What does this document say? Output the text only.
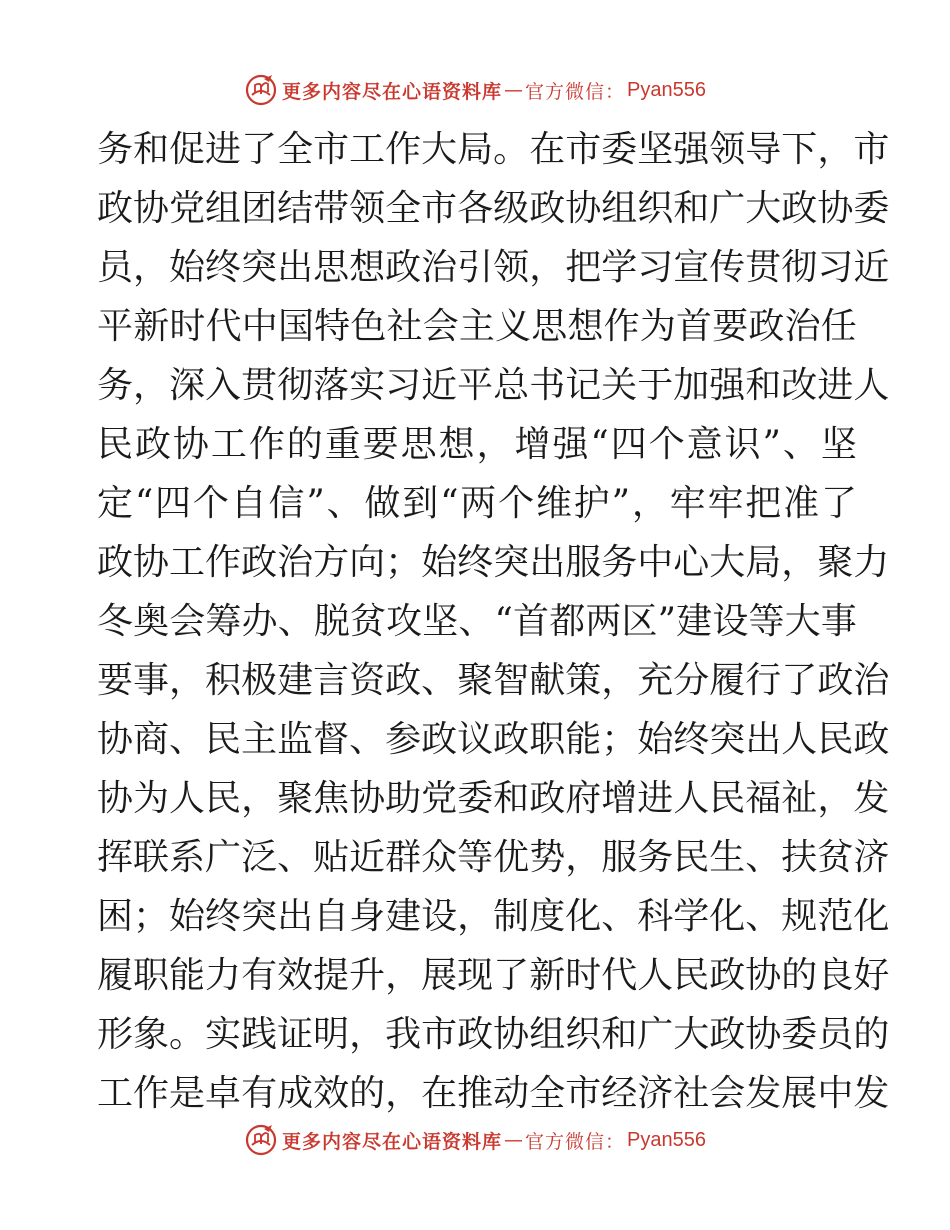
更多内容尽在心语资料库 — 官方微信： Pyan556
务 和 促 进 了 全 市 工 作 大 局 。 在 市 委 坚 强 领 导 下 ， 市
政 协 党 组 团 结 带 领 全 市 各 级 政 协 组 织 和 广 大 政 协 委
员 ， 始 终 突 出 思 想 政 治 引 领 ， 把 学 习 宣 传 贯 彻 习 近
平 新 时 代 中 国 特 色 社 会 主 义 思 想 作 为 首 要 政 治 任
务 ， 深 入 贯 彻 落 实 习 近 平 总 书 记 关 于 加 强 和 改 进 人
民 政 协 工 作 的 重 要 思 想 ， 增 强 “ 四 个 意 识 ” 、 坚
定 “ 四 个 自 信 ” 、 做 到 “ 两 个 维 护 ” ， 牢 牢 把 准 了
政 协 工 作 政 治 方 向 ； 始 终 突 出 服 务 中 心 大 局 ， 聚 力
冬 奥 会 筹 办 、 脱 贫 攻 坚 、 “ 首 都 两 区 ” 建 设 等 大 事
要 事 ， 积 极 建 言 资 政 、 聚 智 献 策 ， 充 分 履 行 了 政 治
协 商 、 民 主 监 督 、 参 政 议 政 职 能 ； 始 终 突 出 人 民 政
协 为 人 民 ， 聚 焦 协 助 党 委 和 政 府 增 进 人 民 福 祉 ， 发
挥 联 系 广 泛 、 贴 近 群 众 等 优 势 ， 服 务 民 生 、 扶 贫 济
困 ； 始 终 突 出 自 身 建 设 ， 制 度 化 、 科 学 化 、 规 范 化
履 职 能 力 有 效 提 升 ， 展 现 了 新 时 代 人 民 政 协 的 良 好
形 象 。 实 践 证 明 ， 我 市 政 协 组 织 和 广 大 政 协 委 员 的
工 作 是 卓 有 成 效 的 ， 在 推 动 全 市 经 济 社 会 发 展 中 发
更多内容尽在心语资料库 — 官方微信： Pyan556
